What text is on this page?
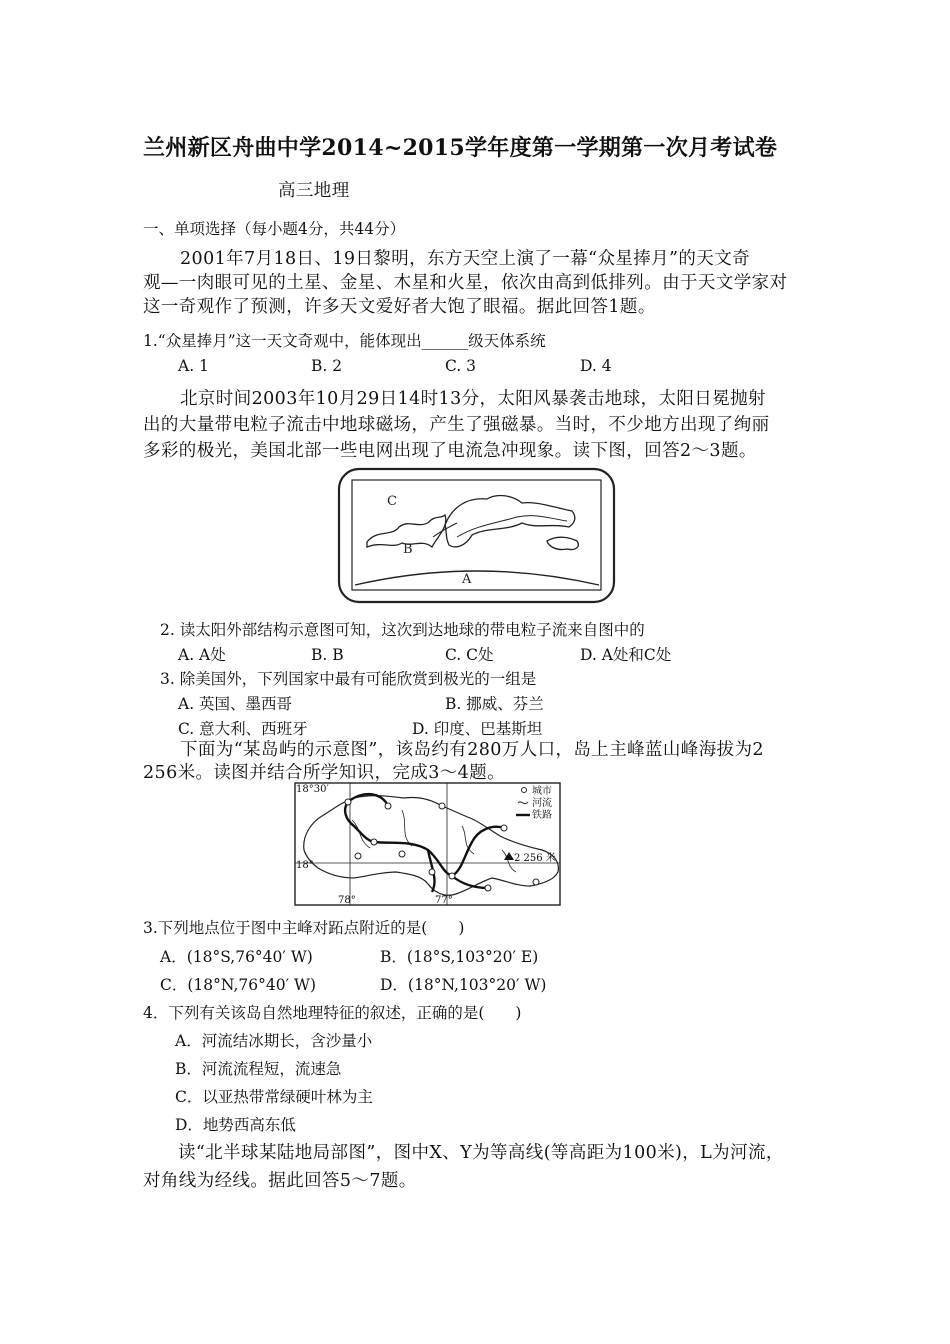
兰州新区舟曲中学2014~2015学年度第一学期第一次月考试卷
高三地理
一、单项选择（每小题4分，共44分）
2001年7月18日、19日黎明，东方天空上演了一幕“众星捧月”的天文奇
观—一肉眼可见的土星、金星、木星和火星，依次由高到低排列。由于天文学家对
这一奇观作了预测，许多天文爱好者大饱了眼福。据此回答1题。
1.“众星捧月”这一天文奇观中，能体现出______级天体系统
A. 1	B. 2	C. 3	D. 4
北京时间2003年10月29日14时13分，太阳风暴袭击地球，太阳日冕抛射
出的大量带电粒子流击中地球磁场，产生了强磁暴。当时，不少地方出现了绚丽
多彩的极光，美国北部一些电网出现了电流急冲现象。读下图，回答2～3题。
C
B
A
2. 读太阳外部结构示意图可知，这次到达地球的带电粒子流来自图中的
A. A处	B. B	C. C处	D. A处和C处
3. 除美国外，下列国家中最有可能欣赏到极光的一组是
A. 英国、墨西哥	B. 挪威、芬兰
C. 意大利、西班牙	D. 印度、巴基斯坦
下面为“某岛屿的示意图”，该岛约有280万人口，岛上主峰蓝山峰海拔为2
256米。读图并结合所学知识，完成3～4题。
2 256 米
城市
河流
铁路
18°30′
18°
78°	77°
3.下列地点位于图中主峰对跖点附近的是(　　)
A．(18°S,76°40′ W)	B．(18°S,103°20′ E)
C．(18°N,76°40′ W)	D．(18°N,103°20′ W)
4．下列有关该岛自然地理特征的叙述，正确的是(　　)
A．河流结冰期长，含沙量小
B．河流流程短，流速急
C．以亚热带常绿硬叶林为主
D．地势西高东低
读“北半球某陆地局部图”，图中X、Y为等高线(等高距为100米)，L为河流，
对角线为经线。据此回答5～7题。
